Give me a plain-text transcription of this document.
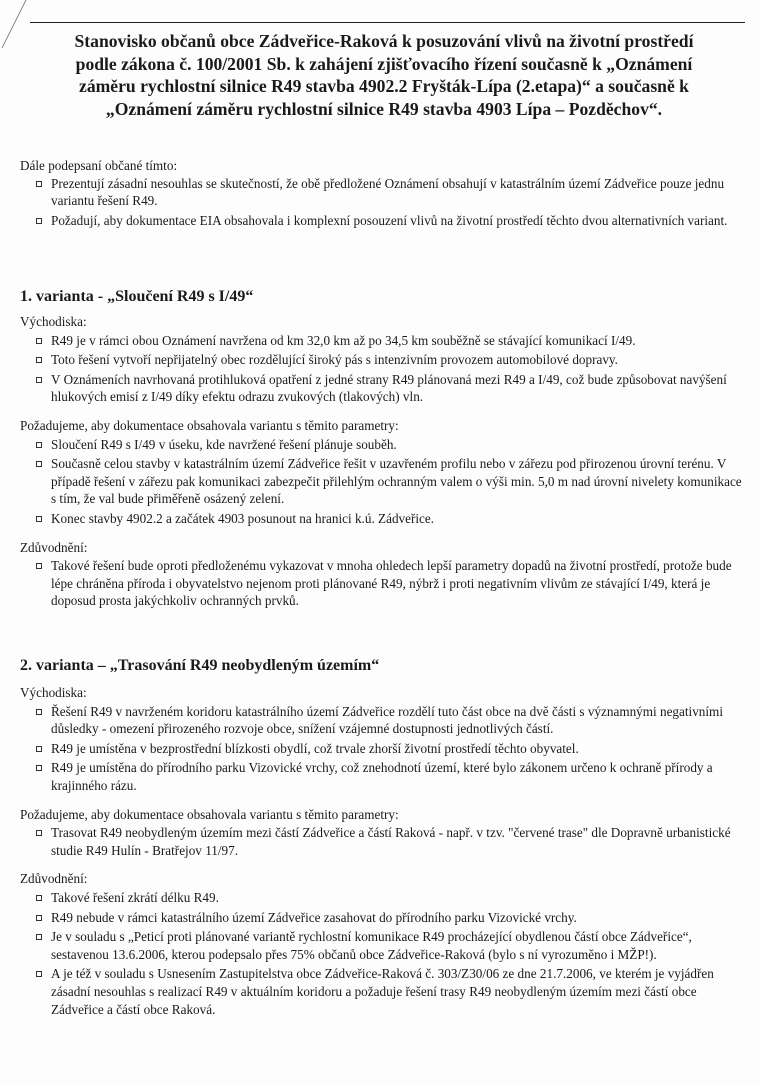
Stanovisko občanů obce Zádveřice-Raková k posuzování vlivů na životní prostředí
podle zákona č. 100/2001 Sb. k zahájení zjišťovacího řízení současně k „Oznámení
záměru rychlostní silnice R49 stavba 4902.2 Fryšták-Lípa (2.etapa)“ a současně k
„Oznámení záměru rychlostní silnice R49 stavba 4903 Lípa – Pozděchov“.

Dále podepsaní občané tímto:

Prezentují zásadní nesouhlas se skutečností, že obě předložené Oznámení obsahují v katastrálním území Zádveřice pouze jednu variantu řešení R49.
Požadují, aby dokumentace EIA obsahovala i komplexní posouzení vlivů na životní prostředí těchto dvou alternativních variant.
1. varianta - „Sloučení R49 s I/49“

Východiska:

R49 je v rámci obou Oznámení navržena od km 32,0 km až po 34,5 km souběžně se stávající komunikací I/49.
Toto řešení vytvoří nepřijatelný obec rozdělující široký pás s intenzivním provozem automobilové dopravy.
V Oznámeních navrhovaná protihluková opatření z jedné strany R49 plánovaná mezi R49 a I/49, což bude způsobovat navýšení hlukových emisí z I/49 díky efektu odrazu zvukových (tlakových) vln.

Požadujeme, aby dokumentace obsahovala variantu s těmito parametry:

Sloučení R49 s I/49 v úseku, kde navržené řešení plánuje souběh.
Současně celou stavby v katastrálním území Zádveřice řešit v uzavřeném profilu nebo v zářezu pod přirozenou úrovní terénu. V případě řešení v zářezu pak komunikaci zabezpečit přilehlým ochranným valem o výši min. 5,0 m nad úrovní nivelety komunikace s tím, že val bude přiměřeně osázený zelení.
Konec stavby 4902.2 a začátek 4903 posunout na hranici k.ú. Zádveřice.

Zdůvodnění:

Takové řešení bude oproti předloženému vykazovat v mnoha ohledech lepší parametry dopadů na životní prostředí, protože bude lépe chráněna příroda i obyvatelstvo nejenom proti plánované R49, nýbrž i proti negativním vlivům ze stávající I/49, která je doposud prosta jakýchkoliv ochranných prvků.
2. varianta – „Trasování R49 neobydleným územím“

Východiska:

Řešení R49 v navrženém koridoru katastrálního území Zádveřice rozdělí tuto část obce na dvě části s významnými negativními důsledky - omezení přirozeného rozvoje obce, snížení vzájemné dostupnosti jednotlivých částí.
R49 je umístěna v bezprostřední blízkosti obydlí, což trvale zhorší životní prostředí těchto obyvatel.
R49 je umístěna do přírodního parku Vizovické vrchy, což znehodnotí území, které bylo zákonem určeno k ochraně přírody a krajinného rázu.

Požadujeme, aby dokumentace obsahovala variantu s těmito parametry:

Trasovat R49 neobydleným územím mezi částí Zádveřice a částí Raková - např. v tzv. "červené trase" dle Dopravně urbanistické studie R49 Hulín - Bratřejov 11/97.

Zdůvodnění:

Takové řešení zkrátí délku R49.
R49 nebude v rámci katastrálního území Zádveřice zasahovat do přírodního parku Vizovické vrchy.
Je v souladu s „Peticí proti plánované variantě rychlostní komunikace R49 procházející obydlenou částí obce Zádveřice“, sestavenou 13.6.2006, kterou podepsalo přes 75% občanů obce Zádveřice-Raková (bylo s ní vyrozuměno i MŽP!).
A je též v souladu s Usnesením Zastupitelstva obce Zádveřice-Raková č. 303/Z30/06 ze dne 21.7.2006, ve kterém je vyjádřen zásadní nesouhlas s realizací R49 v aktuálním koridoru a požaduje řešení trasy R49 neobydleným územím mezi částí obce Zádveřice a částí obce Raková.
